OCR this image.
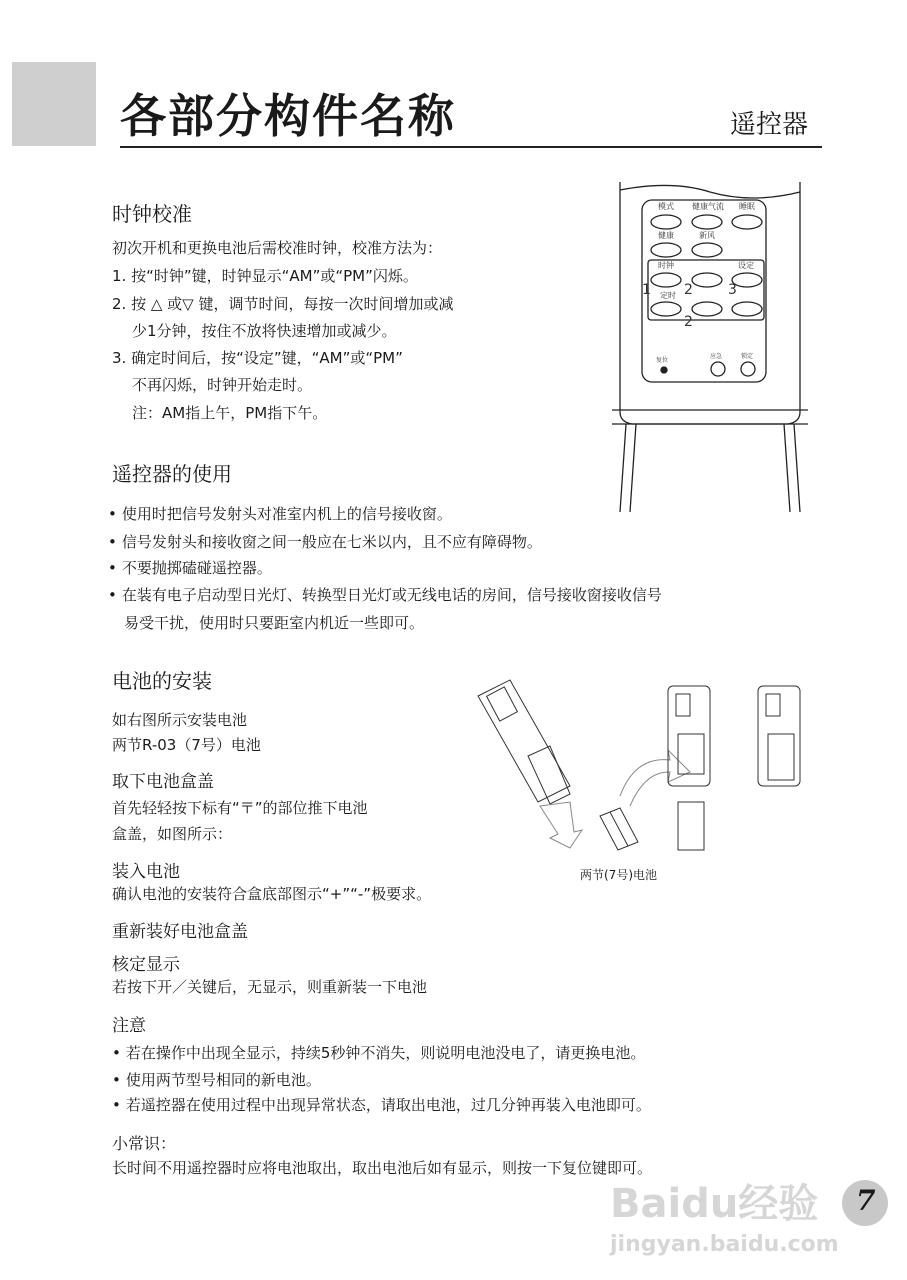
各部分构件名称	遥控器
时钟校准
初次开机和更换电池后需校准时钟，校准方法为：
1. 按“时钟”键，时钟显示“AM”或“PM”闪烁。
2. 按 △ 或▽ 键，调节时间，每按一次时间增加或减
少1分钟，按住不放将快速增加或减少。
3. 确定时间后，按“设定”键，“AM”或“PM”
不再闪烁，时钟开始走时。
注：AM指上午，PM指下午。
模式 健康气流 睡眠
健康	新风
时钟	设定
定时
复位
应急	锁定
1 2	3
2
遥控器的使用
• 使用时把信号发射头对准室内机上的信号接收窗。
• 信号发射头和接收窗之间一般应在七米以内，且不应有障碍物。
• 不要抛掷磕碰遥控器。
• 在装有电子启动型日光灯、转换型日光灯或无线电话的房间，信号接收窗接收信号
易受干扰，使用时只要距室内机近一些即可。
电池的安装
如右图所示安装电池
两节R-03（7号）电池
取下电池盒盖
首先轻轻按下标有“〒”的部位推下电池
盒盖，如图所示：
装入电池
确认电池的安装符合盒底部图示“+”“-”极要求。
重新装好电池盒盖
核定显示
若按下开／关键后，无显示，则重新装一下电池
两节(7号)电池
注意
• 若在操作中出现全显示，持续5秒钟不消失，则说明电池没电了，请更换电池。
• 使用两节型号相同的新电池。
• 若遥控器在使用过程中出现异常状态，请取出电池，过几分钟再装入电池即可。
小常识：
长时间不用遥控器时应将电池取出，取出电池后如有显示，则按一下复位键即可。
Baidu经验
jingyan.baidu.com
7
